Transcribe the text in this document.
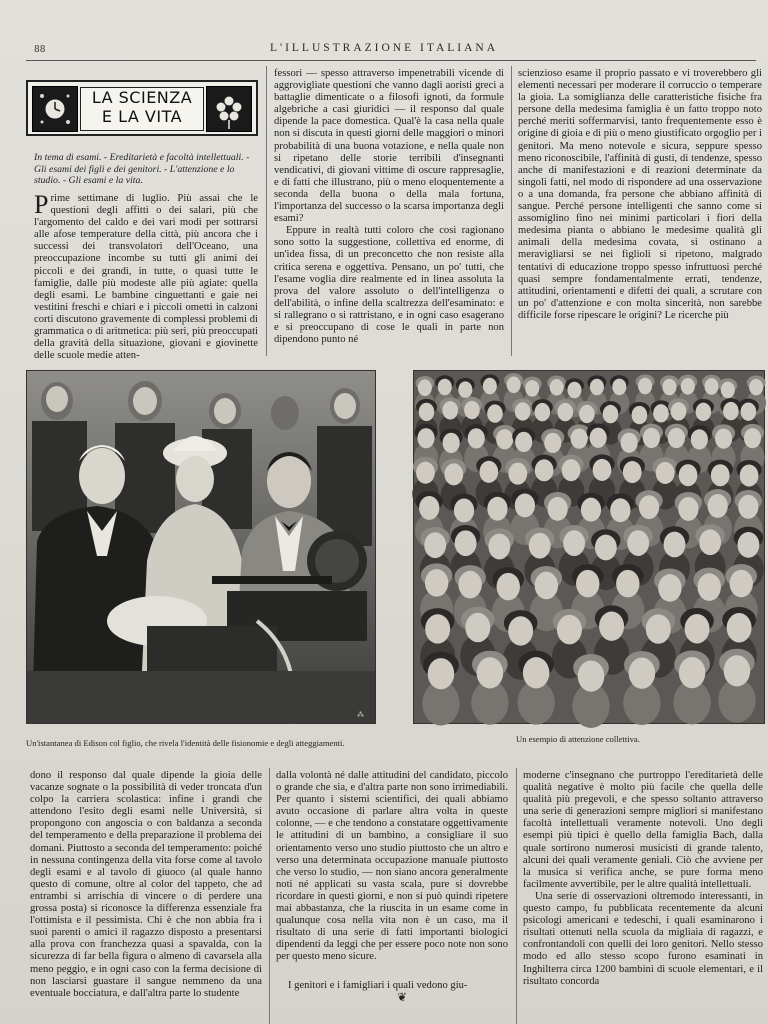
88	L'ILLUSTRAZIONE ITALIANA
LA SCIENZA
E LA VITA
In tema di esami. - Ereditarietà e facoltà intellettuali. - Gli esami dei figli e dei genitori. - L'attenzione e lo studio. - Gli esami e la vita.
Prime settimane di luglio. Più assai che le questioni degli affitti o dei salari, più che l'argomento del caldo e dei vari modi per sottrarsi alle afose temperature della città, più ancora che i successi dei transvolatori dell'Oceano, una preoccupazione incombe su tutti gli animi dei piccoli e dei grandi, in tutte, o quasi tutte le famiglie, dalle più modeste alle più agiate: quella degli esami. Le bambine cinguettanti e gaie nei vestitini freschi e chiari e i piccoli ometti in calzoni corti discutono gravemente di complessi problemi di grammatica o di aritmetica: più seri, più preoccupati della gravità della situazione, giovani e giovinette delle scuole medie atten-

fessori — spesso attraverso impenetrabili vicende di aggrovigliate questioni che vanno dagli aoristi greci a battaglie dimenticate o a filosofi ignoti, da formule algebriche a casi giuridici — il responso dal quale dipende la pace domestica. Qual'è la casa nella quale non si discuta in questi giorni delle maggiori o minori probabilità di una buona votazione, e nella quale non si ripetano delle storie terribili d'insegnanti vendicativi, di giovani vittime di oscure rappresaglie, e di fatti che illustrano, più o meno eloquentemente a seconda della buona o della mala fortuna, l'importanza del successo o la scarsa importanza degli esami?

Eppure in realtà tutti coloro che così ragionano sono sotto la suggestione, collettiva ed enorme, di un'idea fissa, di un preconcetto che non resiste alla critica serena e oggettiva. Pensano, un po' tutti, che l'esame voglia dire realmente ed in linea assoluta la prova del valore assoluto o dell'intelligenza o dell'abilità, o infine della scaltrezza dell'esaminato: e si rallegrano o si rattristano, e in ogni caso esagerano e si preoccupano di cose le quali in parte non dipendono punto né

scienzioso esame il proprio passato e vi troverebbero gli elementi necessari per moderare il corruccio o temperare la gioia. La somiglianza delle caratteristiche fisiche fra persone della medesima famiglia è un fatto troppo noto perché meriti soffermarvisi, tanto frequentemente esso è origine di gioia e di più o meno giustificato orgoglio per i genitori. Ma meno notevole e sicura, seppure spesso meno riconoscibile, l'affinità di gusti, di tendenze, spesso anche di manifestazioni e di reazioni determinate da singoli fatti, nel modo di rispondere ad una osservazione o a una domanda, fra persone che abbiano affinità di sangue. Perché persone intelligenti che sanno come si assomiglino fino nei minimi particolari i fiori della medesima pianta o abbiano le medesime qualità gli animali della medesima covata, si ostinano a meravigliarsi se nei figlioli si ripetono, malgrado tentativi di educazione troppo spesso infruttuosi perché quasi sempre fondamentalmente errati, tendenze, attitudini, orientamenti e difetti dei quali, a scrutare con un po' d'attenzione e con molta sincerità, non sarebbe difficile forse ripescare le origini? Le ricerche più

⁂
Un'istantanea di Edison col figlio, che rivela l'identità delle fisionomie e degli atteggiamenti.	Un esempio di attenzione collettiva.

dono il responso dal quale dipende la gioia delle vacanze sognate o la possibilità di veder troncata d'un colpo la carriera scolastica: infine i grandi che attendono l'esito degli esami nelle Università, si propongono con angoscia o con baldanza a seconda del temperamento e della preparazione il problema dei domani. Piuttosto a seconda del temperamento: poiché in nessuna contingenza della vita forse come al tavolo degli esami e al tavolo di giuoco (al quale hanno questo di comune, oltre al color del tappeto, che ad entrambi si arrischia di vincere o di perdere una grossa posta) si riconosce la differenza essenziale fra l'ottimista e il pessimista. Chi è che non abbia fra i suoi parenti o amici il ragazzo disposto a presentarsi alla prova con franchezza quasi a spavalda, con la sicurezza di far bella figura o almeno di cavarsela alla meno peggio, e in ogni caso con la ferma decisione di non lasciarsi guastare il sangue nemmeno da una eventuale bocciatura, e dall'altra parte lo studente

dalla volontà né dalle attitudini del candidato, piccolo o grande che sia, e d'altra parte non sono irrimediabili. Per quanto i sistemi scientifici, dei quali abbiamo avuto occasione di parlare altra volta in queste colonne, — e che tendono a constatare oggettivamente le attitudini di un bambino, a consigliare il suo orientamento verso uno studio piuttosto che un altro e verso una determinata occupazione manuale piuttosto che verso lo studio, — non siano ancora generalmente noti né applicati su vasta scala, pure si dovrebbe ricordare in questi giorni, e non si può quindi ripetere mai abbastanza, che la riuscita in un esame come in qualunque cosa nella vita non è un caso, ma il risultato di una serie di fatti importanti biologici dipendenti da leggi che per essere poco note non sono per questo meno sicure.

I genitori e i famigliari i quali vedono giu-

❦

moderne c'insegnano che purtroppo l'ereditarietà delle qualità negative è molto più facile che quella delle qualità più pregevoli, e che spesso soltanto attraverso una serie di generazioni sempre migliori si manifestano facoltà intellettuali veramente notevoli. Uno degli esempi più tipici è quello della famiglia Bach, dalla quale sortirono numerosi musicisti di grande talento, alcuni dei quali veramente geniali. Ciò che avviene per la musica si verifica anche, se pure forma meno facilmente avvertibile, per le altre qualità intellettuali.

Una serie di osservazioni oltremodo interessanti, in questo campo, fu pubblicata recentemente da alcuni psicologi americani e tedeschi, i quali esaminarono i risultati ottenuti nella scuola da migliaia di ragazzi, e confrontandoli con quelli dei loro genitori. Nello stesso modo ed allo stesso scopo furono esaminati in Inghilterra circa 1200 bambini di scuole elementari, e il risultato concorda
